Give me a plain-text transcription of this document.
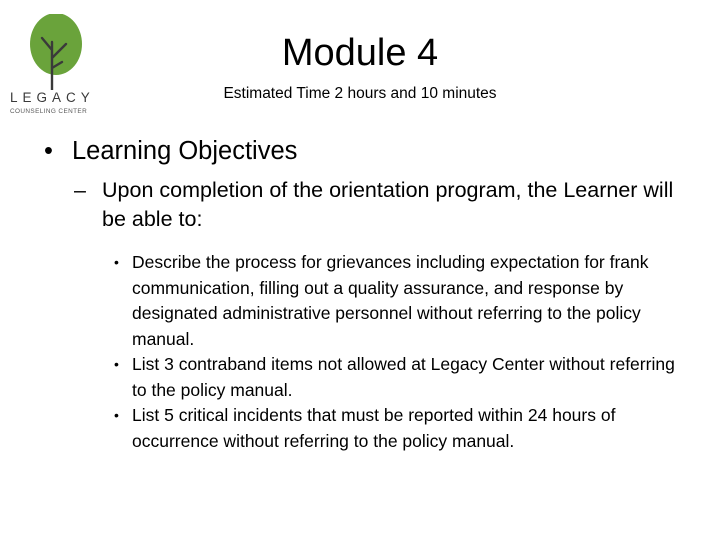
LEGACY
COUNSELING CENTER
Module 4
Estimated Time 2 hours and 10 minutes
• Learning Objectives
– Upon completion of the orientation program, the Learner will be able to:
• Describe the process for grievances including expectation for frank communication, filling out a quality assurance, and response by designated administrative personnel without referring to the policy manual.
• List 3 contraband items not allowed at Legacy Center without referring to the policy manual.
• List 5 critical incidents that must be reported within 24 hours of occurrence without referring to the policy manual.
